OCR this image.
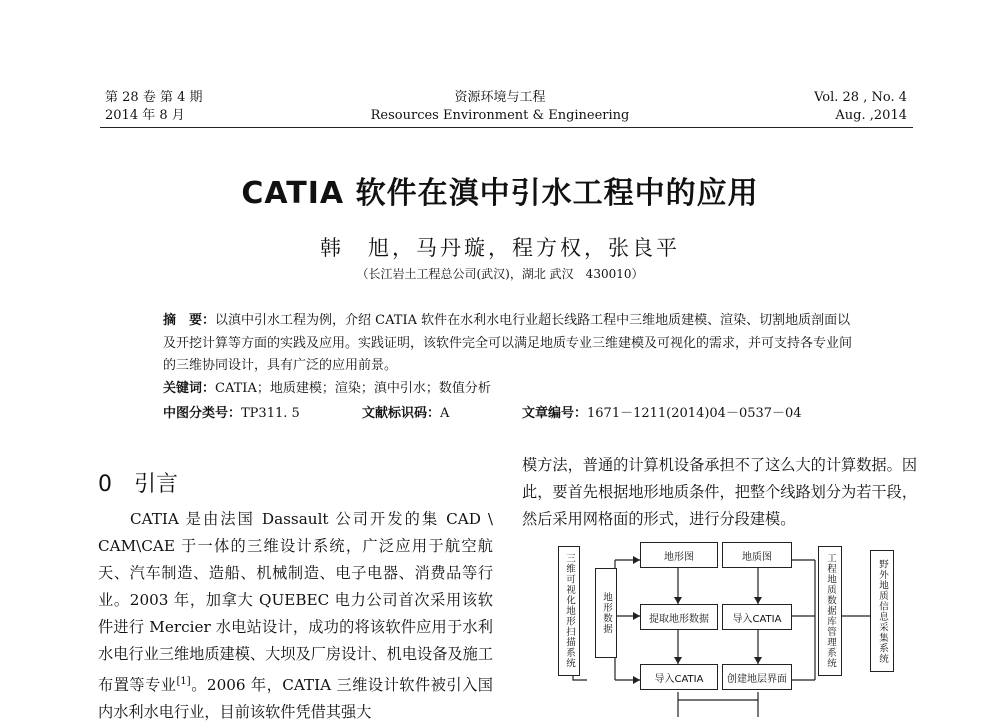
第 28 卷 第 4 期
2014 年 8 月
资源环境与工程
Resources Environment & Engineering
Vol. 28 , No. 4
Aug. ,2014
CATIA 软件在滇中引水工程中的应用
韩　旭，马丹璇，程方权，张良平
（长江岩土工程总公司(武汉)，湖北 武汉　430010）
摘　要：以滇中引水工程为例，介绍 CATIA 软件在水利水电行业超长线路工程中三维地质建模、渲染、切割地质剖面以及开挖计算等方面的实践及应用。实践证明，该软件完全可以满足地质专业三维建模及可视化的需求，并可支持各专业间的三维协同设计，具有广泛的应用前景。
关键词：CATIA；地质建模；渲染；滇中引水；数值分析
中图分类号：TP311. 5	文献标识码：A	文章编号：1671－1211(2014)04－0537－04
0 引言

CATIA 是由法国 Dassault 公司开发的集 CAD \ CAM\CAE 于一体的三维设计系统，广泛应用于航空航天、汽车制造、造船、机械制造、电子电器、消费品等行业。2003 年，加拿大 QUEBEC 电力公司首次采用该软件进行 Mercier 水电站设计，成功的将该软件应用于水利水电行业三维地质建模、大坝及厂房设计、机电设备及施工布置等专业[1]。2006 年，CATIA 三维设计软件被引入国内水利水电行业，目前该软件凭借其强大

模方法，普通的计算机设备承担不了这么大的计算数据。因此，要首先根据地形地质条件，把整个线路划分为若干段，然后采用网格面的形式，进行分段建模。

三维可视化地形扫描系统	地形数据
地形图
提取地形数据
导入CATIA
地质图
导入CATIA
创建地层界面
工程地质数据库管理系统	野外地质信息采集系统
